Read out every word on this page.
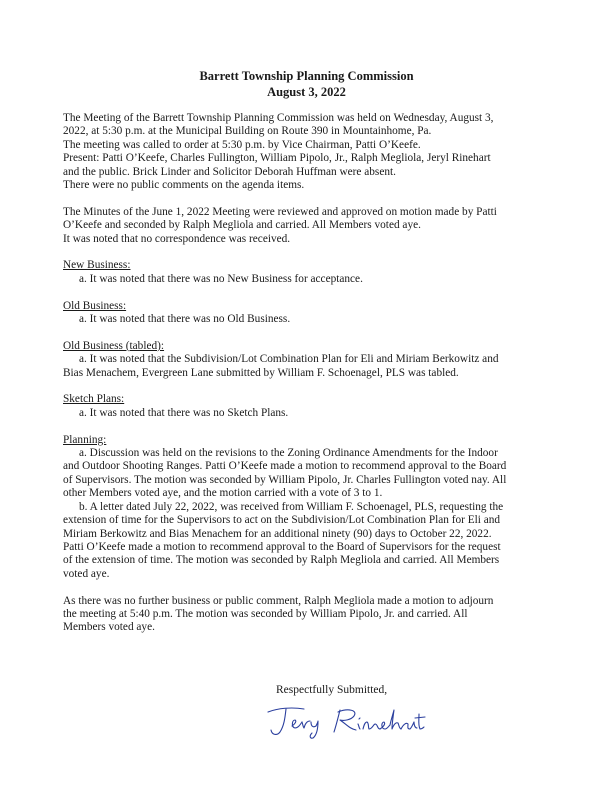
Barrett Township Planning Commission
August 3, 2022
The Meeting of the Barrett Township Planning Commission was held on Wednesday, August 3,
2022, at 5:30 p.m. at the Municipal Building on Route 390 in Mountainhome, Pa.
The meeting was called to order at 5:30 p.m. by Vice Chairman, Patti O’Keefe.
Present: Patti O’Keefe, Charles Fullington, William Pipolo, Jr., Ralph Megliola, Jeryl Rinehart
and the public. Brick Linder and Solicitor Deborah Huffman were absent.
There were no public comments on the agenda items.
The Minutes of the June 1, 2022 Meeting were reviewed and approved on motion made by Patti
O’Keefe and seconded by Ralph Megliola and carried. All Members voted aye.
It was noted that no correspondence was received.
New Business:
a. It was noted that there was no New Business for acceptance.
Old Business:
a. It was noted that there was no Old Business.
Old Business (tabled):
a. It was noted that the Subdivision/Lot Combination Plan for Eli and Miriam Berkowitz and
Bias Menachem, Evergreen Lane submitted by William F. Schoenagel, PLS was tabled.
Sketch Plans:
a. It was noted that there was no Sketch Plans.
Planning:
a. Discussion was held on the revisions to the Zoning Ordinance Amendments for the Indoor
and Outdoor Shooting Ranges. Patti O’Keefe made a motion to recommend approval to the Board
of Supervisors. The motion was seconded by William Pipolo, Jr. Charles Fullington voted nay. All
other Members voted aye, and the motion carried with a vote of 3 to 1.
b. A letter dated July 22, 2022, was received from William F. Schoenagel, PLS, requesting the
extension of time for the Supervisors to act on the Subdivision/Lot Combination Plan for Eli and
Miriam Berkowitz and Bias Menachem for an additional ninety (90) days to October 22, 2022.
Patti O’Keefe made a motion to recommend approval to the Board of Supervisors for the request
of the extension of time. The motion was seconded by Ralph Megliola and carried. All Members
voted aye.
As there was no further business or public comment, Ralph Megliola made a motion to adjourn
the meeting at 5:40 p.m. The motion was seconded by William Pipolo, Jr. and carried. All
Members voted aye.
Respectfully Submitted,
